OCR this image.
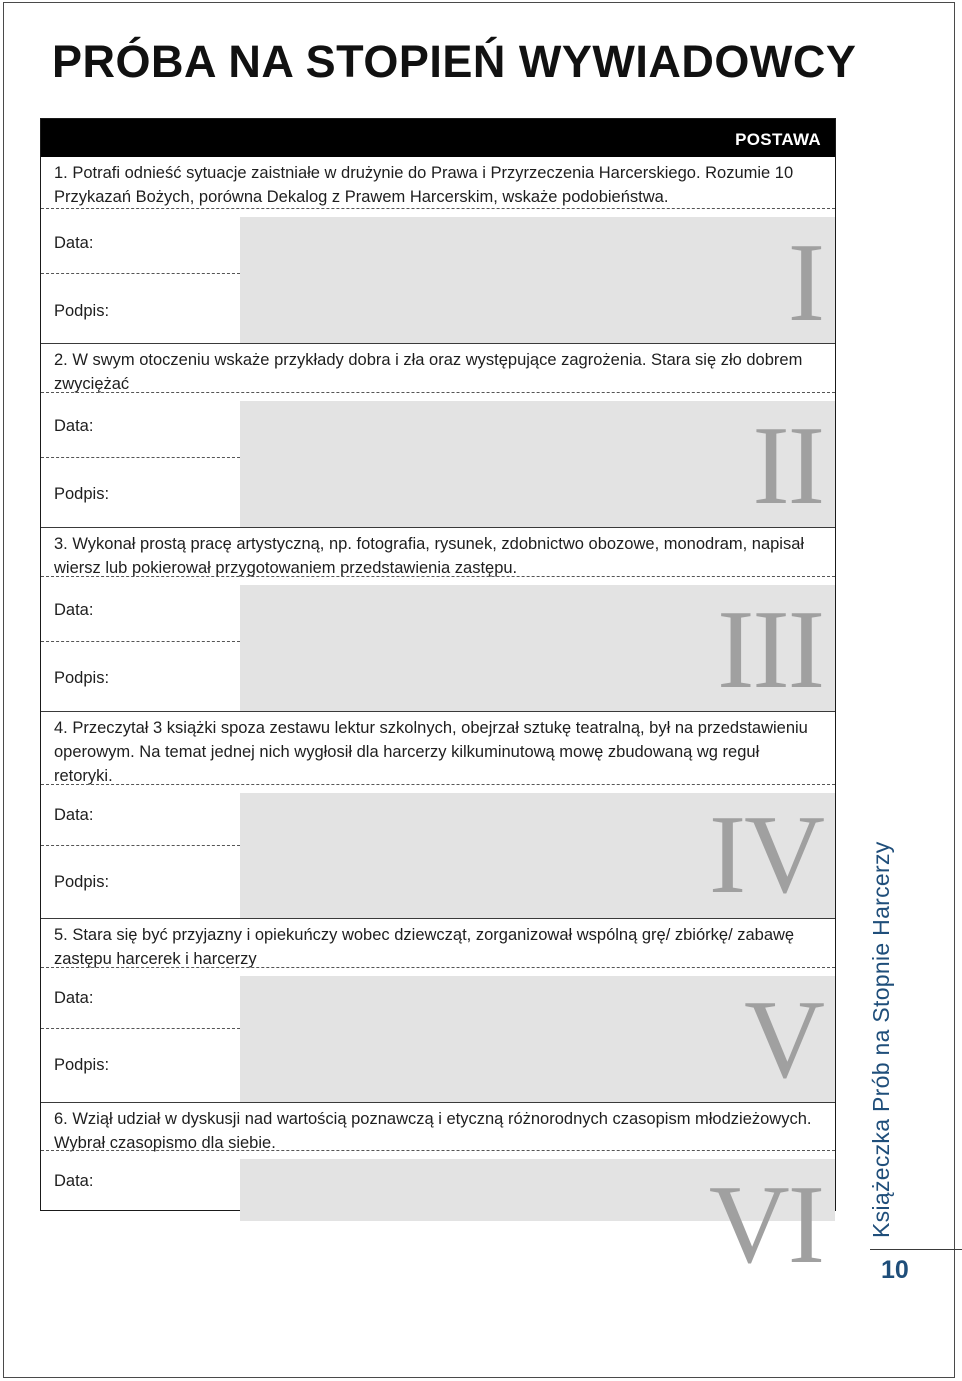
PRÓBA NA STOPIEŃ WYWIADOWCY
POSTAWA
1. Potrafi odnieść sytuacje zaistniałe w drużynie do Prawa i Przyrzeczenia Harcerskiego. Rozumie 10 Przykazań Bożych, porówna Dekalog z Prawem Harcerskim, wskaże podobieństwa.
Data:
Podpis:	I
2. W swym otoczeniu wskaże przykłady dobra i zła oraz występujące zagrożenia. Stara się zło dobrem zwyciężać
Data:
Podpis:	II
3. Wykonał prostą pracę artystyczną, np. fotografia, rysunek, zdobnictwo obozowe, monodram, napisał wiersz lub pokierował przygotowaniem przedstawienia zastępu.
Data:
Podpis:	III
4. Przeczytał 3 książki spoza zestawu lektur szkolnych, obejrzał sztukę teatralną, był na przedstawieniu operowym. Na temat jednej nich wygłosił dla harcerzy kilkuminutową mowę zbudowaną wg reguł retoryki.
Data:
Podpis:	IV
5. Stara się być przyjazny i opiekuńczy wobec dziewcząt, zorganizował wspólną grę/ zbiórkę/ zabawę zastępu harcerek i harcerzy
Data:
Podpis:	V
6. Wziął udział w dyskusji nad wartością poznawczą i etyczną różnorodnych czasopism młodzieżowych. Wybrał czasopismo dla siebie.
Data:	VI Książeczka Prób na Stopnie Harcerzy
10
